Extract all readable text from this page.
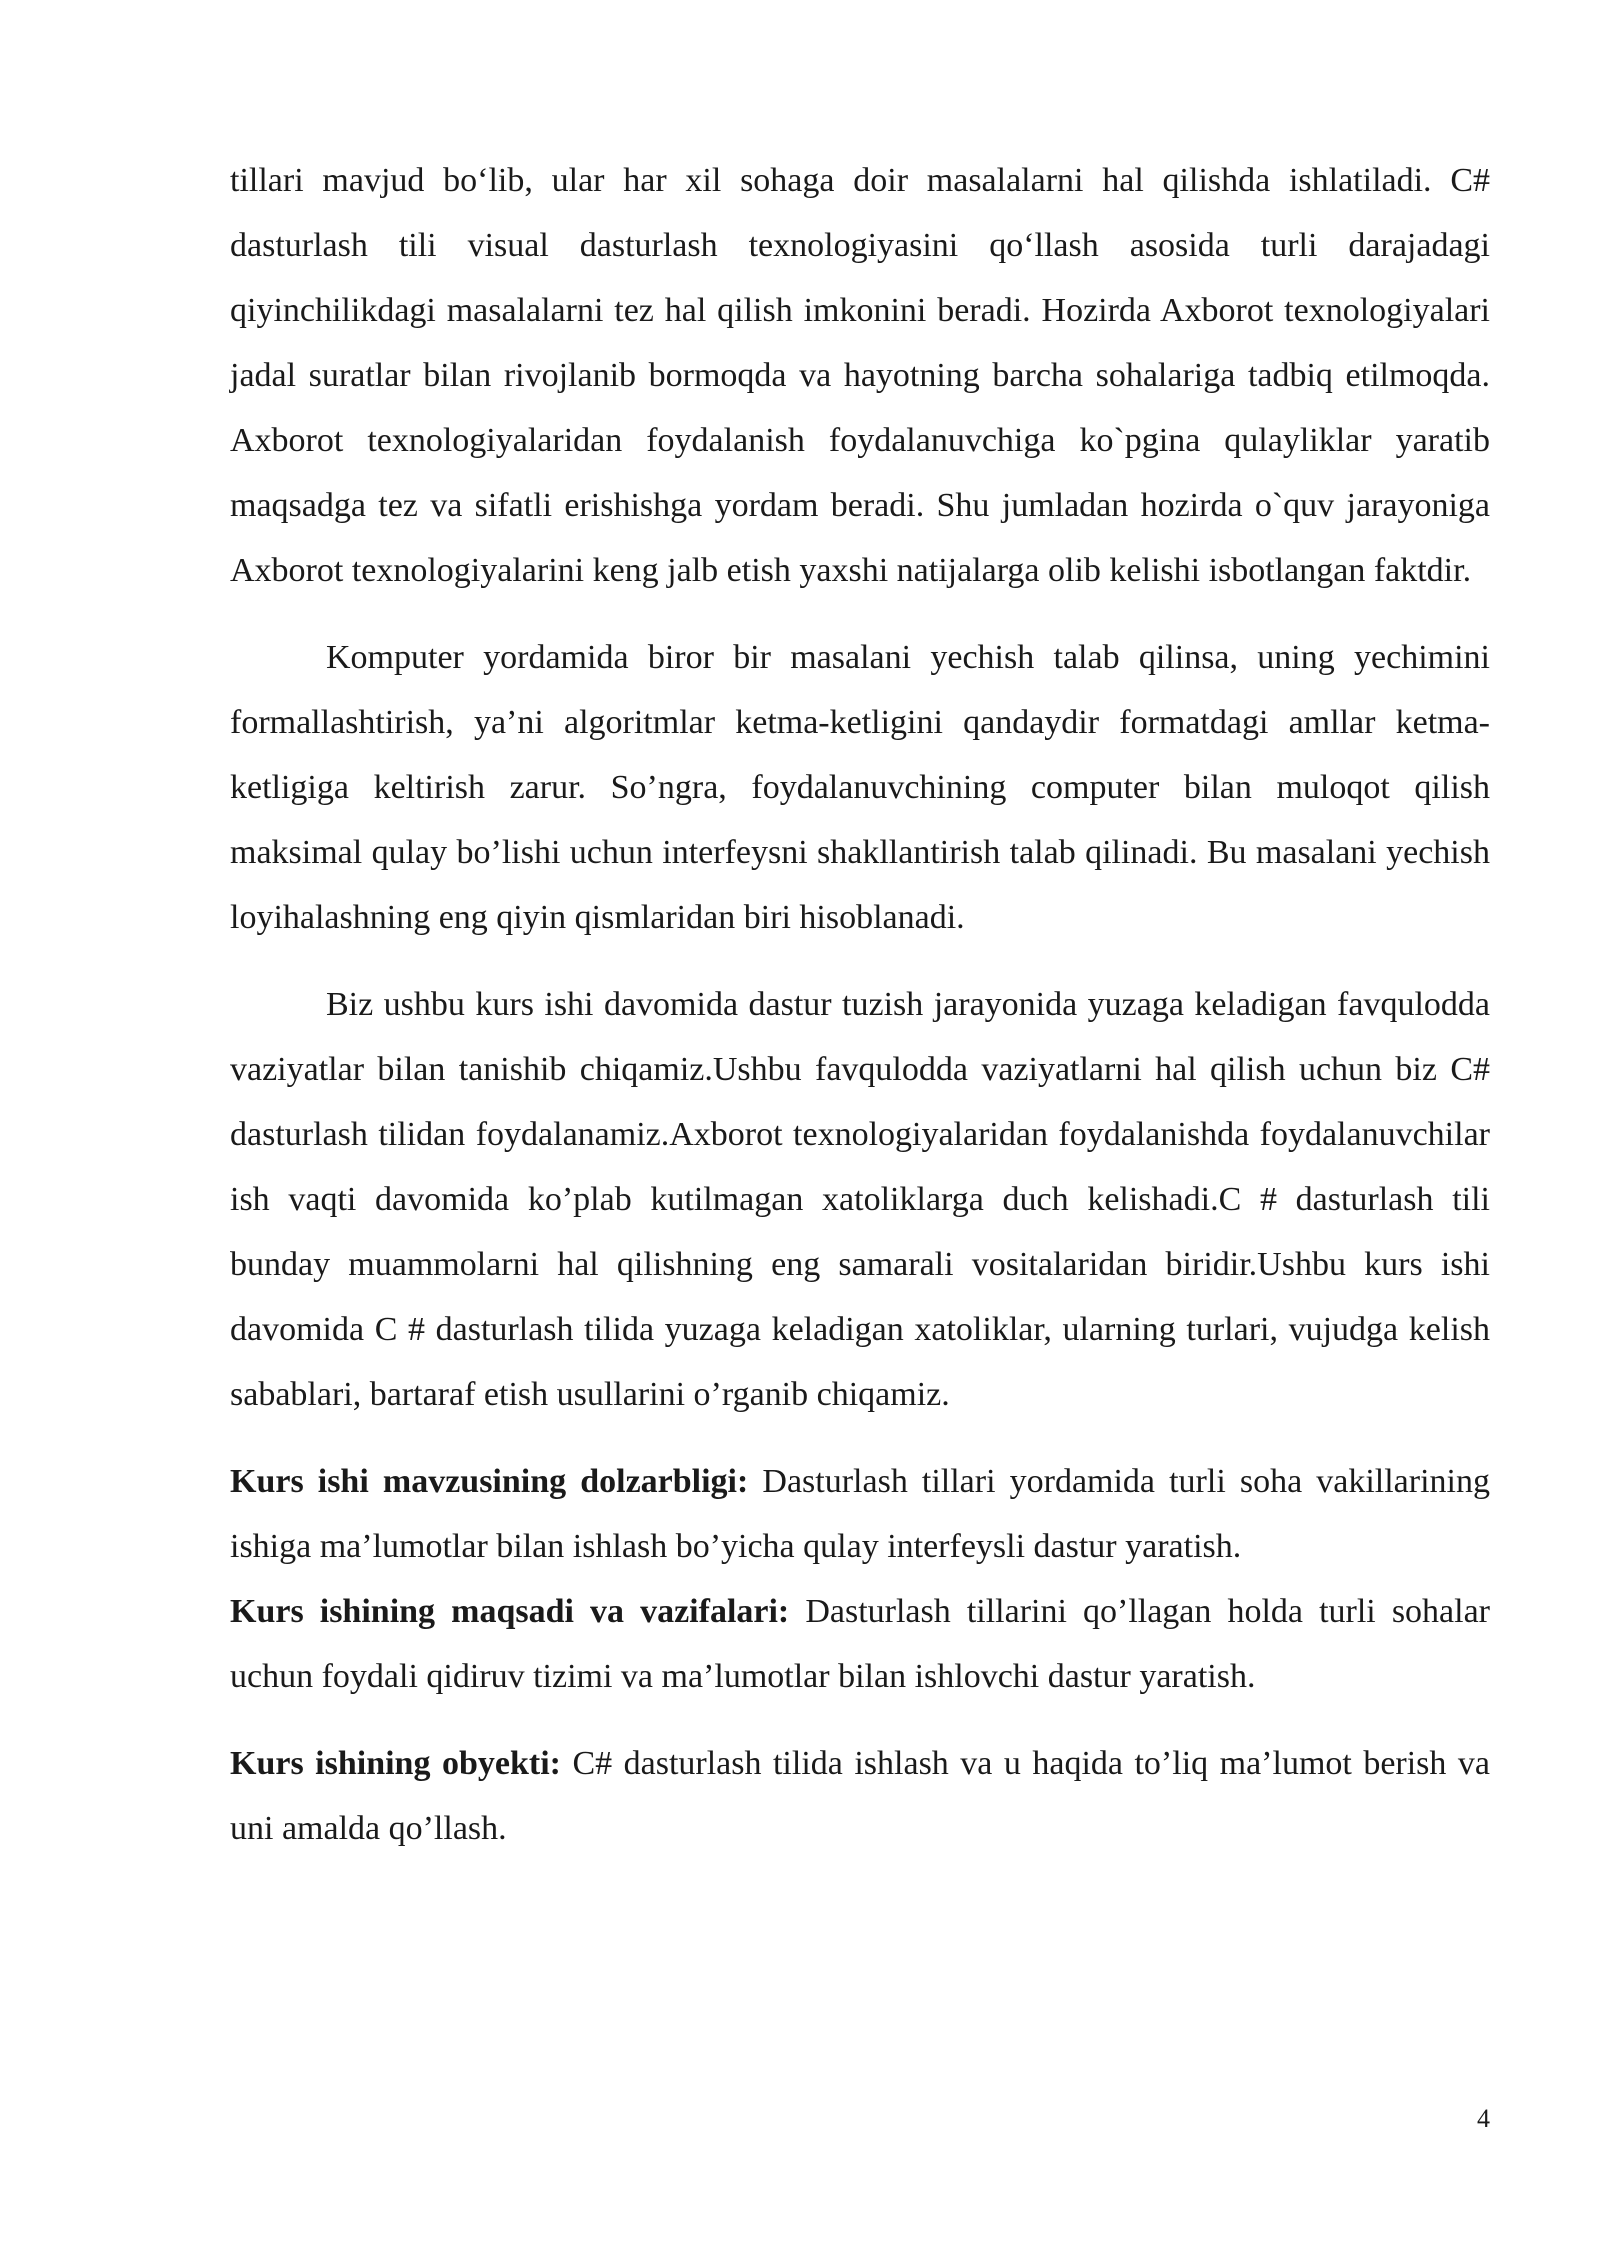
tillari mavjud bo‘lib, ular har xil sohaga doir masalalarni hal qilishda ishlatiladi. C# dasturlash tili visual dasturlash texnologiyasini qo‘llash asosida turli darajadagi qiyinchilikdagi masalalarni tez hal qilish imkonini beradi. Hozirda Axborot texnologiyalari jadal suratlar bilan rivojlanib bormoqda va hayotning barcha sohalariga tadbiq etilmoqda. Axborot texnologiyalaridan foydalanish foydalanuvchiga ko`pgina qulayliklar yaratib maqsadga tez va sifatli erishishga yordam beradi. Shu jumladan hozirda o`quv jarayoniga Axborot texnologiyalarini keng jalb etish yaxshi natijalarga olib kelishi isbotlangan faktdir.

Komputer yordamida biror bir masalani yechish talab qilinsa, uning yechimini formallashtirish, ya’ni algoritmlar ketma-ketligini qandaydir formatdagi amllar ketma-ketligiga keltirish zarur. So’ngra, foydalanuvchining computer bilan muloqot qilish maksimal qulay bo’lishi uchun interfeysni shakllantirish talab qilinadi. Bu masalani yechish loyihalashning eng qiyin qismlaridan biri hisoblanadi.

Biz ushbu kurs ishi davomida dastur tuzish jarayonida yuzaga keladigan favqulodda vaziyatlar bilan tanishib chiqamiz.Ushbu favqulodda vaziyatlarni hal qilish uchun biz C# dasturlash tilidan foydalanamiz.Axborot texnologiyalaridan foydalanishda foydalanuvchilar ish vaqti davomida ko’plab kutilmagan xatoliklarga duch kelishadi.C # dasturlash tili bunday muammolarni hal qilishning eng samarali vositalaridan biridir.Ushbu kurs ishi davomida C # dasturlash tilida yuzaga keladigan xatoliklar, ularning turlari, vujudga kelish sabablari, bartaraf etish usullarini o’rganib chiqamiz.

Kurs ishi mavzusining dolzarbligi: Dasturlash tillari yordamida turli soha vakillarining ishiga ma’lumotlar bilan ishlash bo’yicha qulay interfeysli dastur yaratish.

Kurs ishining maqsadi va vazifalari: Dasturlash tillarini qo’llagan holda turli sohalar uchun foydali qidiruv tizimi va ma’lumotlar bilan ishlovchi dastur yaratish.

Kurs ishining obyekti: C# dasturlash tilida ishlash va u haqida to’liq ma’lumot berish va uni amalda qo’llash.

4
